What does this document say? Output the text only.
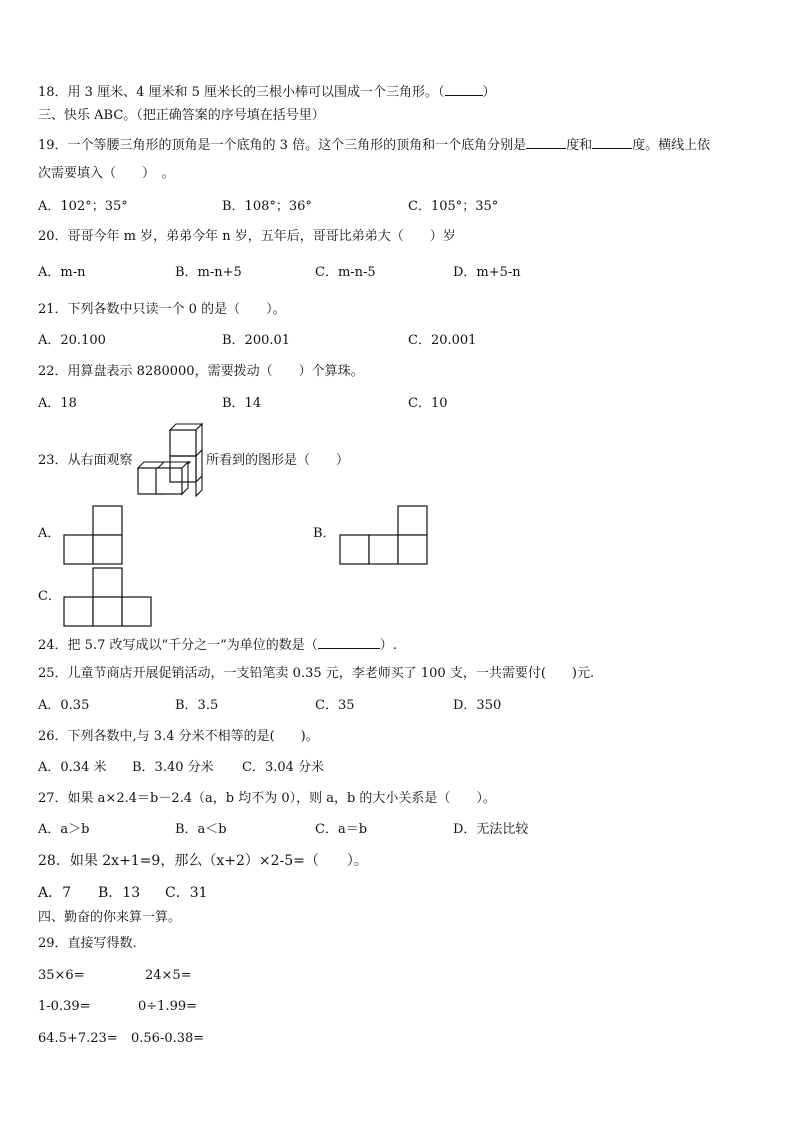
18．用 3 厘米、4 厘米和 5 厘米长的三根小棒可以围成一个三角形。（	）
三、快乐 ABC。（把正确答案的序号填在括号里）
19．一个等腰三角形的顶角是一个底角的 3 倍。这个三角形的顶角和一个底角分别是	度和	度。横线上依
次需要填入（　　）　。
A．102°；35°	B．108°；36°	C．105°；35°
20．哥哥今年 m 岁，弟弟今年 n 岁，五年后，哥哥比弟弟大（　　）岁
A．m-n	B．m-n+5	C．m-n-5	D．m+5-n
21．下列各数中只读一个 0 的是（　　）。
A．20.100	B．200.01	C．20.001
22．用算盘表示 8280000，需要拨动（　　）个算珠。
A．18	B．14	C．10
23．从右面观察	所看到的图形是（　　）
A．	B．
C．
24．把 5.7 改写成以“千分之一”为单位的数是（	）.
25．儿童节商店开展促销活动，一支铅笔卖 0.35 元，李老师买了 100 支，一共需要付(　　)元.
A．0.35	B．3.5	C．35	D．350
26．下列各数中,与 3.4 分米不相等的是(　　)。
A．0.34 米 B．3.40 分米 C．3.04 分米
27．如果 a×2.4＝b－2.4（a，b 均不为 0），则 a，b 的大小关系是（　　）。
A．a＞b	B．a＜b	C．a＝b	D．无法比较
28．如果 2x+1=9，那么（x+2）×2-5=（　　）。
A．7 B．13 C．31
四、勤奋的你来算一算。
29．直接写得数.
35×6=	24×5=
1-0.39=	0÷1.99=
64.5+7.23= 0.56-0.38=
